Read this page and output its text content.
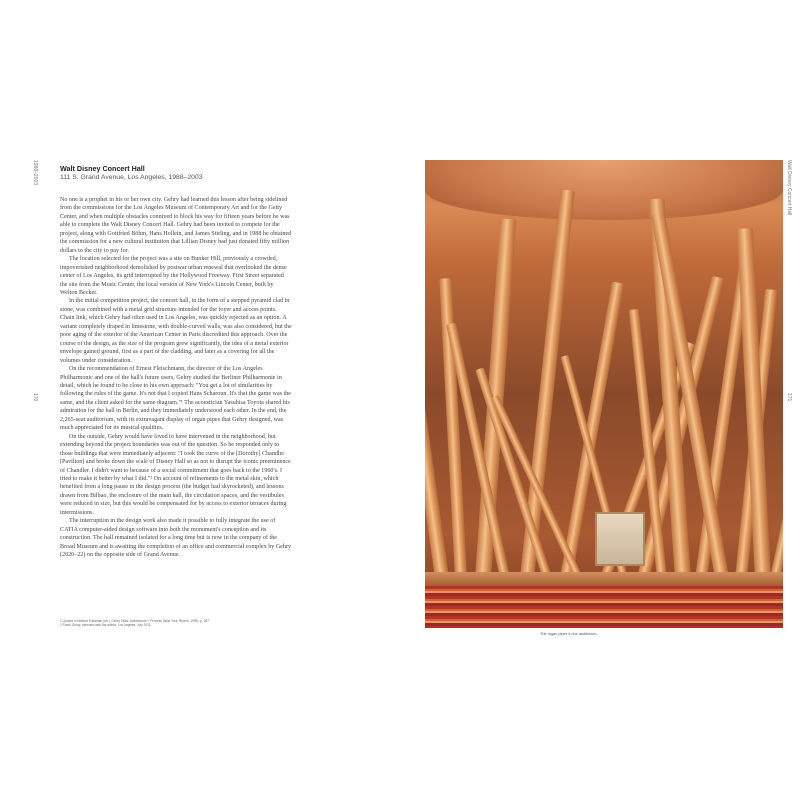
1988–2003
170
Walt Disney Concert Hall
111 S. Grand Avenue, Los Angeles, 1988–2003

No one is a prophet in his or her own city. Gehry had learned this lesson after being sidelined from the commissions for the Los Angeles Museum of Contemporary Art and for the Getty Center, and when multiple obstacles connived to block his way for fifteen years before he was able to complete the Walt Disney Concert Hall. Gehry had been invited to compete for the project, along with Gottfried Böhm, Hans Hollein, and James Stirling, and in 1988 he obtained the commission for a new cultural institution that Lillian Disney had just donated fifty million dollars to the city to pay for.

The location selected for the project was a site on Bunker Hill, previously a crowded, impoverished neighborhood demolished by postwar urban renewal that overlooked the dense center of Los Angeles, its grid interrupted by the Hollywood Freeway. First Street separated the site from the Music Center, the local version of New York's Lincoln Center, built by Welton Becket.

In the initial competition project, the concert hall, in the form of a stepped pyramid clad in stone, was combined with a metal grid structure intended for the foyer and access points. Chain link, which Gehry had often used in Los Angeles, was quickly rejected as an option. A variant completely draped in limestone, with double-curved walls, was also considered, but the poor aging of the exterior of the American Center in Paris discredited this approach. Over the course of the design, as the size of the program grew significantly, the idea of a metal exterior envelope gained ground, first as a part of the cladding, and later as a covering for all the volumes under consideration.

On the recommendation of Ernest Fleischmann, the director of the Los Angeles Philharmonic and one of the hall's future users, Gehry studied the Berliner Philharmonie in detail, which he found to be close to his own approach: "You get a lot of similarities by following the rules of the game. It's not that I copied Hans Scharoun. It's that the game was the same, and the client asked for the same diagram."¹ The acoustician Yasuhisa Toyota shared his admiration for the hall in Berlin, and they immediately understood each other. In the end, the 2,265-seat auditorium, with its extravagant display of organ pipes that Gehry designed, was much appreciated for its musical qualities.

On the outside, Gehry would have loved to have intervened in the neighborhood, but extending beyond the project boundaries was out of the question. So he responded only to those buildings that were immediately adjacent: "I took the curve of the [Dorothy] Chandler [Pavilion] and broke down the scale of Disney Hall so as not to disrupt the iconic preeminence of Chandler. I didn't want to because of a social commitment that goes back to the 1960's. I tried to make it better by what I did."² On account of refinements to the metal skin, which benefited from a long pause in the design process (the budget had skyrocketed), and lessons drawn from Bilbao, the enclosure of the main hall, the circulation spaces, and the vestibules were reduced in size, but this would be compensated for by access to exterior terraces during intermissions.

The interruption in the design work also made it possible to fully integrate the use of CATIA computer-aided design software into both the monument's conception and its construction. The hall remained isolated for a long time but is now in the company of the Broad Museum and is awaiting the completion of an office and commercial complex by Gehry (2020–22) on the opposite side of Grand Avenue.

1 Quoted in Mildred Friedman (ed.), Gehry Talks: Architecture + Process (New York: Rizzoli, 1999), p. 287.
2 Frank Gehry, interview with the author, Los Angeles, July 2011.
The organ pipes in the auditorium.
Walt Disney Concert Hall
171
